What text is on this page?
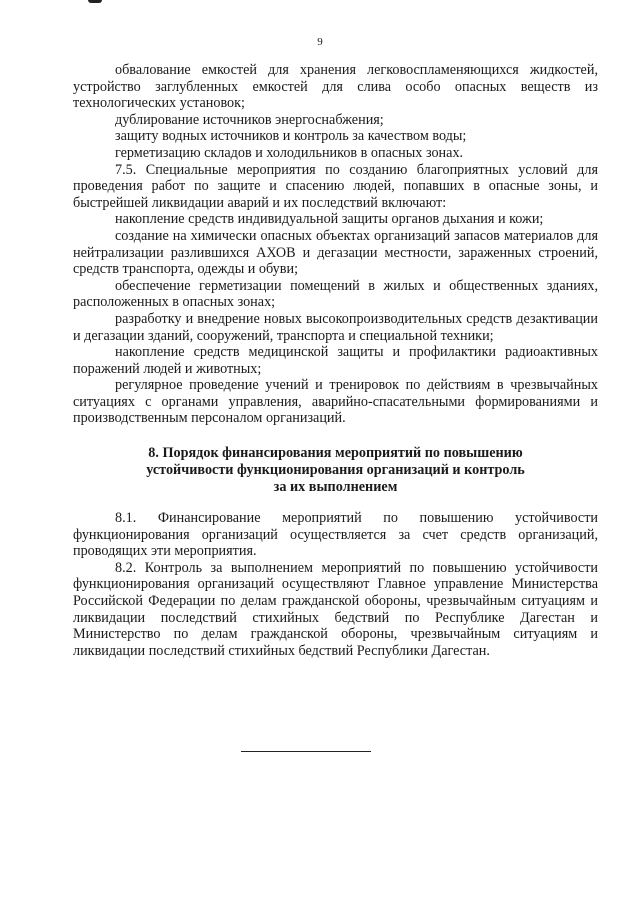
9

обвалование емкостей для хранения легковоспламеняющихся жидкостей, устройство заглубленных емкостей для слива особо опасных веществ из технологических установок;

дублирование источников энергоснабжения;

защиту водных источников и контроль за качеством воды;

герметизацию складов и холодильников в опасных зонах.

7.5. Специальные мероприятия по созданию благоприятных условий для проведения работ по защите и спасению людей, попавших в опасные зоны, и быстрейшей ликвидации аварий и их последствий включают:

накопление средств индивидуальной защиты органов дыхания и кожи;

создание на химически опасных объектах организаций запасов материалов для нейтрализации разлившихся АХОВ и дегазации местности, зараженных строений, средств транспорта, одежды и обуви;

обеспечение герметизации помещений в жилых и общественных зданиях, расположенных в опасных зонах;

разработку и внедрение новых высокопроизводительных средств дезактивации и дегазации зданий, сооружений, транспорта и специальной техники;

накопление средств медицинской защиты и профилактики радиоактивных поражений людей и животных;

регулярное проведение учений и тренировок по действиям в чрезвычайных ситуациях с органами управления, аварийно-спасательными формированиями и производственным персоналом организаций.

8. Порядок финансирования мероприятий по повышению
устойчивости функционирования организаций и контроль
за их выполнением

8.1. Финансирование мероприятий по повышению устойчивости функционирования организаций осуществляется за счет средств организаций, проводящих эти мероприятия.

8.2. Контроль за выполнением мероприятий по повышению устойчивости функционирования организаций осуществляют Главное управление Министерства Российской Федерации по делам гражданской обороны, чрезвычайным ситуациям и ликвидации последствий стихийных бедствий по Республике Дагестан и Министерство по делам гражданской обороны, чрезвычайным ситуациям и ликвидации последствий стихийных бедствий Республики Дагестан.
